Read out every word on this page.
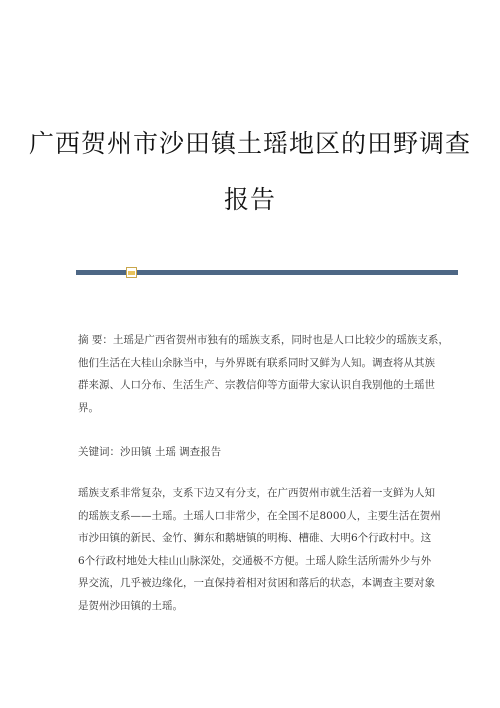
广西贺州市沙田镇土瑶地区的田野调查
报告

摘 要：土瑶是广西省贺州市独有的瑶族支系，同时也是人口比较少的瑶族支系，
他们生活在大桂山余脉当中，与外界既有联系同时又鲜为人知。调查将从其族
群来源、人口分布、生活生产、宗教信仰等方面带大家认识自我别他的土瑶世
界。

关键词：沙田镇 土瑶 调查报告

瑶族支系非常复杂，支系下边又有分支，在广西贺州市就生活着一支鲜为人知
的瑶族支系——土瑶。土瑶人口非常少，在全国不足8000人，主要生活在贺州
市沙田镇的新民、金竹、狮东和鹅塘镇的明梅、槽碓、大明6个行政村中。这
6个行政村地处大桂山山脉深处，交通极不方便。土瑶人除生活所需外少与外
界交流，几乎被边缘化，一直保持着相对贫困和落后的状态，本调查主要对象
是贺州沙田镇的土瑶。
